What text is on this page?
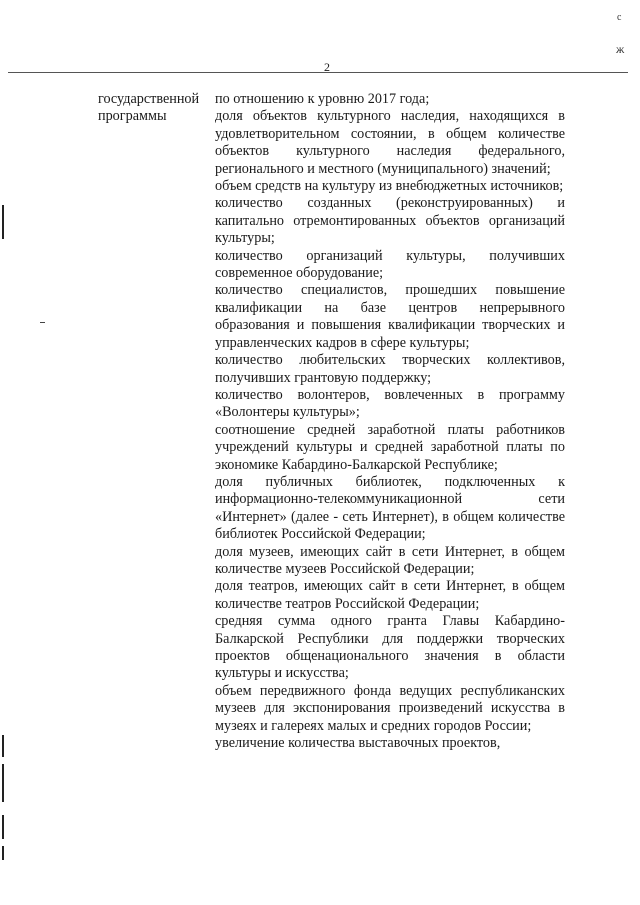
с
ж
2
государственной
программы

по отношению к уровню 2017 года;

доля объектов культурного наследия, находящихся в удовлетворительном состоянии, в общем количестве объектов культурного наследия федерального, регионального и местного (муниципального) значений;

объем средств на культуру из внебюджетных источников;

количество созданных (реконструированных) и капитально отремонтированных объектов организаций культуры;

количество организаций культуры, получивших современное оборудование;

количество специалистов, прошедших повышение квалификации на базе центров непрерывного образования и повышения квалификации творческих и управленческих кадров в сфере культуры;

количество любительских творческих коллективов, получивших грантовую поддержку;

количество волонтеров, вовлеченных в программу «Волонтеры культуры»;

соотношение средней заработной платы работников учреждений культуры и средней заработной платы по экономике Кабардино-Балкарской Республике;

доля публичных библиотек, подключенных к информационно-телекоммуникационной сети «Интернет» (далее - сеть Интернет), в общем количестве библиотек Российской Федерации;

доля музеев, имеющих сайт в сети Интернет, в общем количестве музеев Российской Федерации;

доля театров, имеющих сайт в сети Интернет, в общем количестве театров Российской Федерации;

средняя сумма одного гранта Главы Кабардино-Балкарской Республики для поддержки творческих проектов общенационального значения в области культуры и искусства;

объем передвижного фонда ведущих республиканских музеев для экспонирования произведений искусства в музеях и галереях малых и средних городов России;

увеличение количества выставочных проектов,
